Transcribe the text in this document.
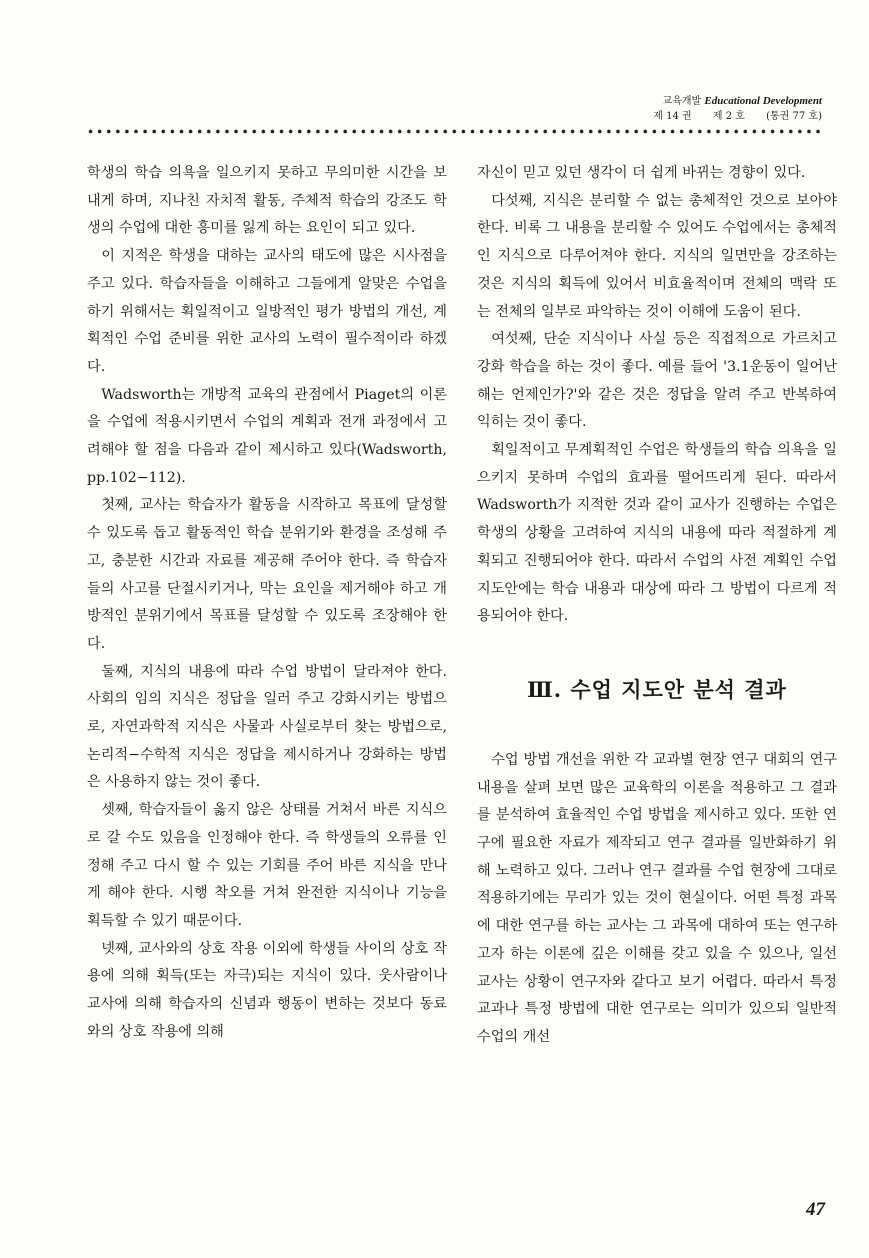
교육개발 Educational Development
제 14 권 제 2 호 (통권 77 호)

학생의 학습 의욕을 일으키지 못하고 무의미한 시간을 보내게 하며, 지나친 자치적 활동, 주체적 학습의 강조도 학생의 수업에 대한 흥미를 잃게 하는 요인이 되고 있다.

이 지적은 학생을 대하는 교사의 태도에 많은 시사점을 주고 있다. 학습자들을 이해하고 그들에게 알맞은 수업을 하기 위해서는 획일적이고 일방적인 평가 방법의 개선, 계획적인 수업 준비를 위한 교사의 노력이 필수적이라 하겠다.

Wadsworth는 개방적 교육의 관점에서 Piaget의 이론을 수업에 적용시키면서 수업의 계획과 전개 과정에서 고려해야 할 점을 다음과 같이 제시하고 있다(Wadsworth, pp.102−112).

첫째, 교사는 학습자가 활동을 시작하고 목표에 달성할 수 있도록 돕고 활동적인 학습 분위기와 환경을 조성해 주고, 충분한 시간과 자료를 제공해 주어야 한다. 즉 학습자들의 사고를 단절시키거나, 막는 요인을 제거해야 하고 개방적인 분위기에서 목표를 달성할 수 있도록 조장해야 한다.

둘째, 지식의 내용에 따라 수업 방법이 달라져야 한다. 사회의 임의 지식은 정답을 일러 주고 강화시키는 방법으로, 자연과학적 지식은 사물과 사실로부터 찾는 방법으로, 논리적−수학적 지식은 정답을 제시하거나 강화하는 방법은 사용하지 않는 것이 좋다.

셋째, 학습자들이 옳지 않은 상태를 거쳐서 바른 지식으로 갈 수도 있음을 인정해야 한다. 즉 학생들의 오류를 인정해 주고 다시 할 수 있는 기회를 주어 바른 지식을 만나게 해야 한다. 시행 착오를 거쳐 완전한 지식이나 기능을 획득할 수 있기 때문이다.

넷째, 교사와의 상호 작용 이외에 학생들 사이의 상호 작용에 의해 획득(또는 자극)되는 지식이 있다. 웃사람이나 교사에 의해 학습자의 신념과 행동이 변하는 것보다 동료와의 상호 작용에 의해

자신이 믿고 있던 생각이 더 쉽게 바뀌는 경향이 있다.

다섯째, 지식은 분리할 수 없는 총체적인 것으로 보아야 한다. 비록 그 내용을 분리할 수 있어도 수업에서는 총체적인 지식으로 다루어져야 한다. 지식의 일면만을 강조하는 것은 지식의 획득에 있어서 비효율적이며 전체의 맥락 또는 전체의 일부로 파악하는 것이 이해에 도움이 된다.

여섯째, 단순 지식이나 사실 등은 직접적으로 가르치고 강화 학습을 하는 것이 좋다. 예를 들어 '3.1운동이 일어난 해는 언제인가?'와 같은 것은 정답을 알려 주고 반복하여 익히는 것이 좋다.

획일적이고 무계획적인 수업은 학생들의 학습 의욕을 일으키지 못하며 수업의 효과를 떨어뜨리게 된다. 따라서 Wadsworth가 지적한 것과 같이 교사가 진행하는 수업은 학생의 상황을 고려하여 지식의 내용에 따라 적절하게 계획되고 진행되어야 한다. 따라서 수업의 사전 계획인 수업 지도안에는 학습 내용과 대상에 따라 그 방법이 다르게 적용되어야 한다.

Ⅲ. 수업 지도안 분석 결과

수업 방법 개선을 위한 각 교과별 현장 연구 대회의 연구 내용을 살펴 보면 많은 교육학의 이론을 적용하고 그 결과를 분석하여 효율적인 수업 방법을 제시하고 있다. 또한 연구에 필요한 자료가 제작되고 연구 결과를 일반화하기 위해 노력하고 있다. 그러나 연구 결과를 수업 현장에 그대로 적용하기에는 무리가 있는 것이 현실이다. 어떤 특정 과목에 대한 연구를 하는 교사는 그 과목에 대하여 또는 연구하고자 하는 이론에 깊은 이해를 갖고 있을 수 있으나, 일선교사는 상황이 연구자와 같다고 보기 어렵다. 따라서 특정 교과나 특정 방법에 대한 연구로는 의미가 있으되 일반적 수업의 개선

47
